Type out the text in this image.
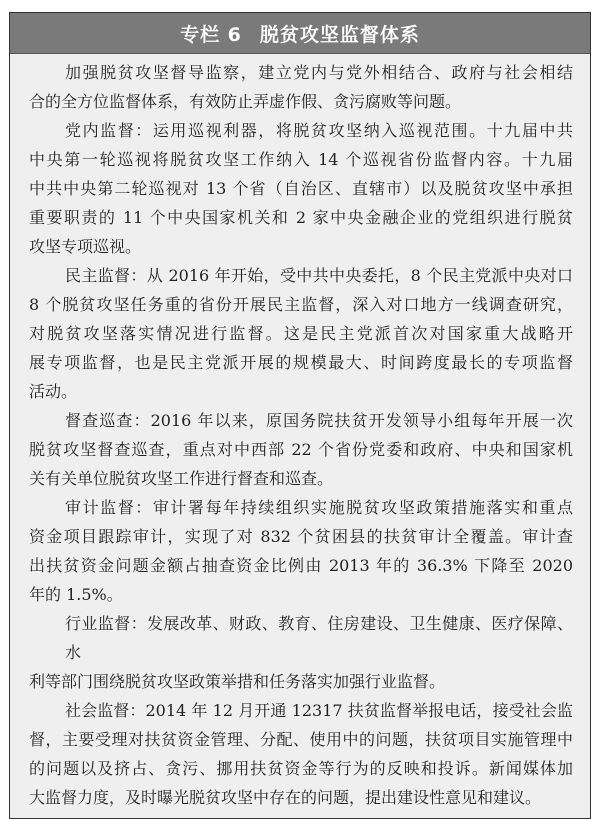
专栏 6 脱贫攻坚监督体系
加强脱贫攻坚督导监察，建立党内与党外相结合、政府与社会相结
合的全方位监督体系，有效防止弄虚作假、贪污腐败等问题。
党内监督：运用巡视利器，将脱贫攻坚纳入巡视范围。十九届中共
中央第一轮巡视将脱贫攻坚工作纳入 14 个巡视省份监督内容。十九届
中共中央第二轮巡视对 13 个省（自治区、直辖市）以及脱贫攻坚中承担
重要职责的 11 个中央国家机关和 2 家中央金融企业的党组织进行脱贫
攻坚专项巡视。
民主监督：从 2016 年开始，受中共中央委托，8 个民主党派中央对口
8 个脱贫攻坚任务重的省份开展民主监督，深入对口地方一线调查研究，
对脱贫攻坚落实情况进行监督。这是民主党派首次对国家重大战略开
展专项监督，也是民主党派开展的规模最大、时间跨度最长的专项监督
活动。
督查巡查：2016 年以来，原国务院扶贫开发领导小组每年开展一次
脱贫攻坚督查巡查，重点对中西部 22 个省份党委和政府、中央和国家机
关有关单位脱贫攻坚工作进行督查和巡查。
审计监督：审计署每年持续组织实施脱贫攻坚政策措施落实和重点
资金项目跟踪审计，实现了对 832 个贫困县的扶贫审计全覆盖。审计查
出扶贫资金问题金额占抽查资金比例由 2013 年的 36.3% 下降至 2020
年的 1.5%。
行业监督：发展改革、财政、教育、住房建设、卫生健康、医疗保障、水
利等部门围绕脱贫攻坚政策举措和任务落实加强行业监督。
社会监督：2014 年 12 月开通 12317 扶贫监督举报电话，接受社会监
督，主要受理对扶贫资金管理、分配、使用中的问题，扶贫项目实施管理中
的问题以及挤占、贪污、挪用扶贫资金等行为的反映和投诉。新闻媒体加
大监督力度，及时曝光脱贫攻坚中存在的问题，提出建设性意见和建议。
